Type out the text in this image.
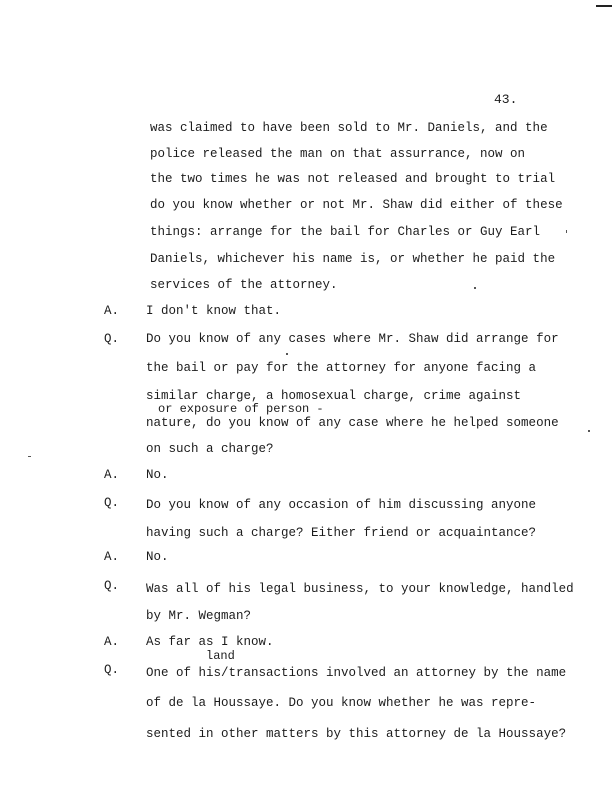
43.
was claimed to have been sold to Mr. Daniels, and the
police released the man on that assurrance, now on
the two times he was not released and brought to trial
do you know whether or not Mr. Shaw did either of these
things: arrange for the bail for Charles or Guy Earl
Daniels, whichever his name is, or whether he paid the
services of the attorney.
A. I don't know that.
Q. Do you know of any cases where Mr. Shaw did arrange for
the bail or pay for the attorney for anyone facing a
similar charge, a homosexual charge, crime against
or exposure of person -
nature, do you know of any case where he helped someone
on such a charge?
A. No.
Q. Do you know of any occasion of him discussing anyone
having such a charge? Either friend or acquaintance?
A. No.
Q. Was all of his legal business, to your knowledge, handled
by Mr. Wegman?
A. As far as I know.
land
Q. One of his/transactions involved an attorney by the name
of de la Houssaye. Do you know whether he was repre-
sented in other matters by this attorney de la Houssaye?
